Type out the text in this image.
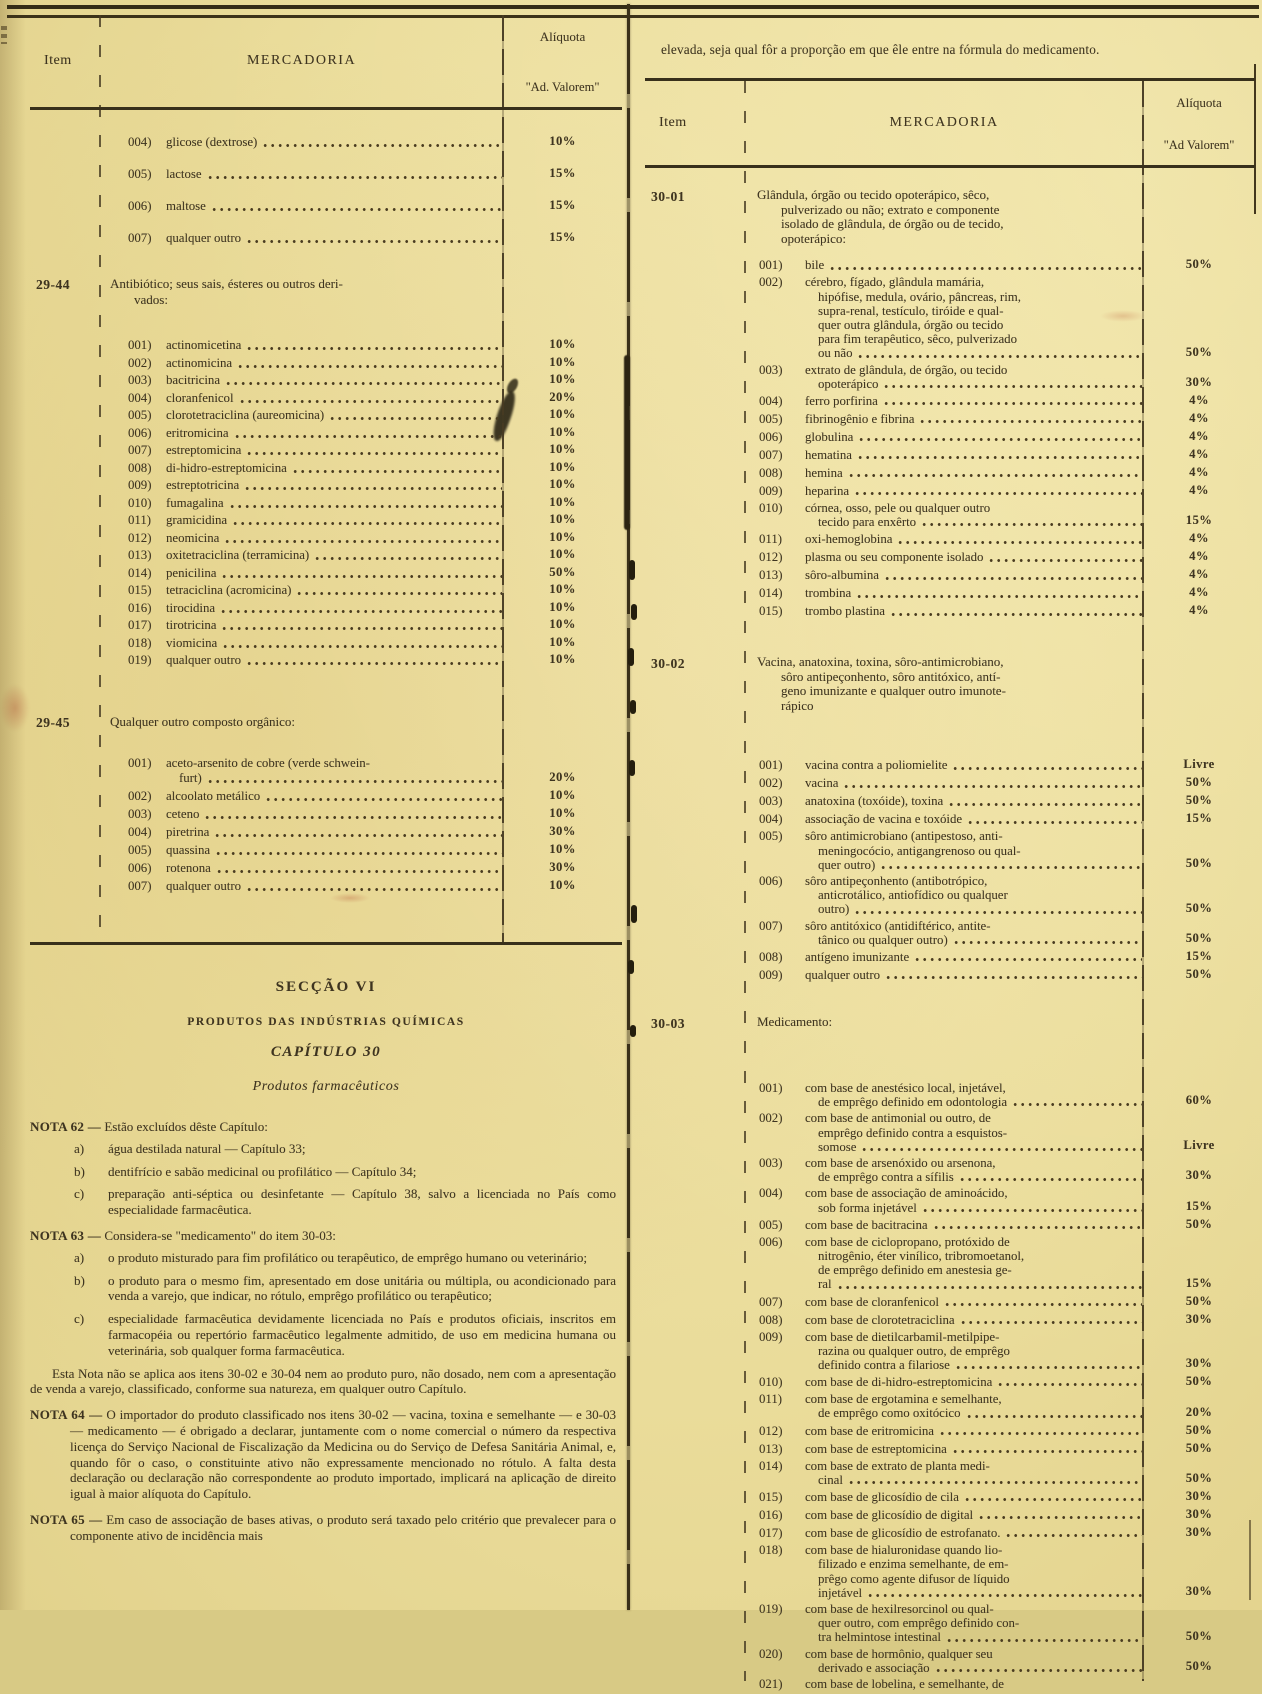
Item	MERCADORIA
Alíquota
"Ad. Valorem"
004)	glicose (dextrose)	10%
005)	lactose	15%
006)	maltose	15%
007)	qualquer outro	15%
29-44	Antibiótico; seus sais, ésteres ou outros deri-
vados:
001)	actinomicetina	10%
002)	actinomicina	10%
003)	bacitricina	10%
004)	cloranfenicol	20%
005)	clorotetraciclina (aureomicina)	10%
006)	eritromicina	10%
007)	estreptomicina	10%
008)	di-hidro-estreptomicina	10%
009)	estreptotricina	10%
010)	fumagalina	10%
011)	gramicidina	10%
012)	neomicina	10%
013)	oxitetraciclina (terramicina)	10%
014)	penicilina	50%
015)	tetraciclina (acromicina)	10%
016)	tirocidina	10%
017)	tirotricina	10%
018)	viomicina	10%
019)	qualquer outro	10%
29-45	Qualquer outro composto orgânico:
001)	aceto-arsenito de cobre (verde schwein-
furt)	20%
002)	alcoolato metálico	10%
003)	ceteno	10%
004)	piretrina	30%
005)	quassina	10%
006)	rotenona	30%
007)	qualquer outro	10%

SECÇÃO VI

PRODUTOS DAS INDÚSTRIAS QUÍMICAS

CAPÍTULO 30

Produtos farmacêuticos

NOTA 62 — Estão excluídos dêste Capítulo:
a)	água destilada natural — Capítulo 33;
b)	dentifrício e sabão medicinal ou profilático — Capítulo 34;
c)	preparação anti-séptica ou desinfetante — Capítulo 38, salvo a licenciada no País como especialidade farmacêutica.
NOTA 63 — Considera-se "medicamento" do item 30-03:
a)	o produto misturado para fim profilático ou terapêutico, de emprêgo humano ou veterinário;
b)	o produto para o mesmo fim, apresentado em dose unitária ou múltipla, ou acondicionado para venda a varejo, que indicar, no rótulo, emprêgo profilático ou terapêutico;
c)	especialidade farmacêutica devidamente licenciada no País e produtos oficiais, inscritos em farmacopéia ou repertório farmacêutico legalmente admitido, de uso em medicina humana ou veterinária, sob qualquer forma farmacêutica.
Esta Nota não se aplica aos itens 30-02 e 30-04 nem ao produto puro, não dosado, nem com a apresentação de venda a varejo, classificado, conforme sua natureza, em qualquer outro Capítulo.
NOTA 64 — O importador do produto classificado nos itens 30-02 — vacina, toxina e semelhante — e 30-03 — medicamento — é obrigado a declarar, juntamente com o nome comercial o número da respectiva licença do Serviço Nacional de Fiscalização da Medicina ou do Serviço de Defesa Sanitária Animal, e, quando fôr o caso, o constituinte ativo não expressamente mencionado no rótulo. A falta desta declaração ou declaração não correspondente ao produto importado, implicará na aplicação de direito igual à maior alíquota do Capítulo.
NOTA 65 — Em caso de associação de bases ativas, o produto será taxado pelo critério que prevalecer para o componente ativo de incidência mais

elevada, seja qual fôr a proporção em que êle entre na fórmula do medicamento.

Item	MERCADORIA
Alíquota
"Ad Valorem"
30-01	Glândula, órgão ou tecido opoterápico, sêco,
pulverizado ou não; extrato e componente
isolado de glândula, de órgão ou de tecido,
opoterápico:
001)	bile	50%
002)	cérebro, fígado, glândula mamária,
hipófise, medula, ovário, pâncreas, rim,
supra-renal, testículo, tiróide e qual-
quer outra glândula, órgão ou tecido
para fim terapêutico, sêco, pulverizado
ou não	50%
003)	extrato de glândula, de órgão, ou tecido
opoterápico	30%
004)	ferro porfirina	4%
005)	fibrinogênio e fibrina	4%
006)	globulina	4%
007)	hematina	4%
008)	hemina	4%
009)	heparina	4%
010)	córnea, osso, pele ou qualquer outro
tecido para enxêrto	15%
011)	oxi-hemoglobina	4%
012)	plasma ou seu componente isolado	4%
013)	sôro-albumina	4%
014)	trombina	4%
015)	trombo plastina	4%
30-02	Vacina, anatoxina, toxina, sôro-antimicrobiano,
sôro antipeçonhento, sôro antitóxico, antí-
geno imunizante e qualquer outro imunote-
rápico
001)	vacina contra a poliomielite	Livre
002)	vacina	50%
003)	anatoxina (toxóide), toxina	50%
004)	associação de vacina e toxóide	15%
005)	sôro antimicrobiano (antipestoso, anti-
meningocócio, antigangrenoso ou qual-
quer outro)	50%
006)	sôro antipeçonhento (antibotrópico,
anticrotálico, antiofídico ou qualquer
outro)	50%
007)	sôro antitóxico (antidiftérico, antite-
tânico ou qualquer outro)	50%
008)	antígeno imunizante	15%
009)	qualquer outro	50%
30-03	Medicamento:
001)	com base de anestésico local, injetável,
de emprêgo definido em odontologia	60%
002)	com base de antimonial ou outro, de
emprêgo definido contra a esquistos-
somose	Livre
003)	com base de arsenóxido ou arsenona,
de emprêgo contra a sífilis	30%
004)	com base de associação de aminoácido,
sob forma injetável	15%
005)	com base de bacitracina	50%
006)	com base de ciclopropano, protóxido de
nitrogênio, éter vinílico, tribromoetanol,
de emprêgo definido em anestesia ge-
ral	15%
007)	com base de cloranfenicol	50%
008)	com base de clorotetraciclina	30%
009)	com base de dietilcarbamil-metilpipe-
razina ou qualquer outro, de emprêgo
definido contra a filariose	30%
010)	com base de di-hidro-estreptomicina	50%
011)	com base de ergotamina e semelhante,
de emprêgo como oxitócico	20%
012)	com base de eritromicina	50%
013)	com base de estreptomicina	50%
014)	com base de extrato de planta medi-
cinal	50%
015)	com base de glicosídio de cila	30%
016)	com base de glicosídio de digital	30%
017)	com base de glicosídio de estrofanato.	30%
018)	com base de hialuronidase quando lio-
filizado e enzima semelhante, de em-
prêgo como agente difusor de líquido
injetável	30%
019)	com base de hexilresorcinol ou qual-
quer outro, com emprêgo definido con-
tra helmintose intestinal	50%
020)	com base de hormônio, qualquer seu
derivado e associação	50%
021)	com base de lobelina, e semelhante, de
